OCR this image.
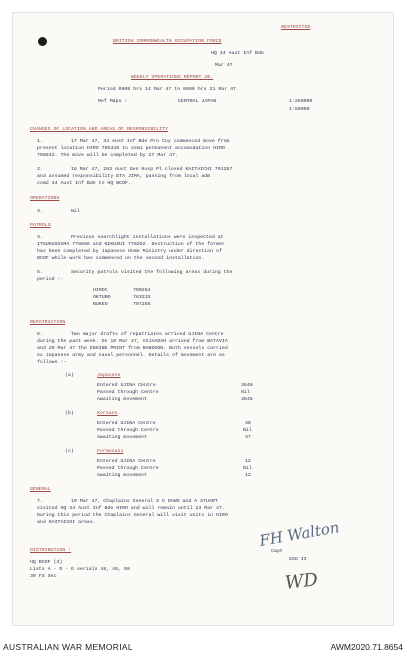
RESTRICTED
BRITISH COMMONWEALTH OCCUPATION FORCE
HQ 34 Aust Inf Bde
Mar 47
WEEKLY OPERATIONS REPORT 20.
Period 0800 hrs 14 Mar 47 to 0800 hrs 21 Mar 47
Ref Maps :	CENTRAL JAPAN	1:250000
1:50000
CHANGES OF LOCATION AND AREAS OF RESPONSIBILITY
1.	17 Mar 47, 34 Aust Inf Bde Pro Coy commenced move from
present location HIRO 795348 to semi permanent accomodation HIRO
798842. The move will be completed by 27 Mar 47.
2.	18 Mar 47, 283 Aust Gen Hosp Pl closed KAITAICHI 791257
and assumed responsibility ETA JIMA, passing from local adm
comd 34 Aust Inf Bde to HQ BCOF.
OPERATIONS
3.	Nil
PATROLS
4.	Previous searchlight installations were inspected at
ITSUKUSHIMA 778856 and KIKUSUI 778282. Destruction of the former
has been completed by Japanese Home Ministry under direction of
BCOF while work has commenced on the second installation.
5.	Security patrols visited the following areas during the
period :-
HIROC	790284
OKTUBO	783233
BUKEO	797285
REPATRIATION
6.	Two major drafts of repatriates arrived UJINA Centre
during the past week. On 18 Mar 47, VIJAADAH arrived from BATAVIA
and 20 Mar 47 the ENGINE PRINT from RANGOON. Both vessels carried
ex Japanese army and naval personnel. Details of movement are as
follows :-
(a)	Japanese
Entered UJINA Centre	3640
Passed through Centre	Nil
Awaiting movement	3645
(b)	Koreans
Entered UJINA Centre	36
Passed through Centre	Nil
Awaiting movement	37
(c)	Formosans
Entered UJINA Centre	12
Passed through Centre	Nil
Awaiting movement	12
GENERAL
7.	19 Mar 47, Chaplains General S G DAWS and A STUART
visited HQ 34 Aust Inf Bde HIRO and will remain until 23 Mar 47.
During this period the Chaplains General will visit units in HIRO
and KAITAICHI areas.	FH Walton
Capt
GSO II
DISTRIBUTION :
HQ BCOF (3)
Lists A - D - E serials 48, 49, 50
39 FS Sec	WD
AUSTRALIAN WAR MEMORIAL	AWM2020.71.8654
